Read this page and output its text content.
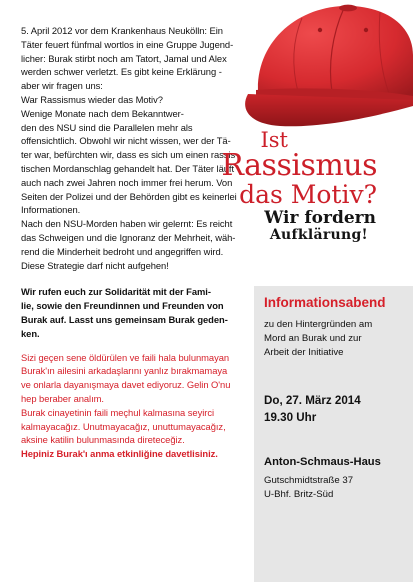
5. April 2012 vor dem Krankenhaus Neukölln: Ein

Täter feuert fünfmal wortlos in eine Gruppe Jugend-

licher: Burak stirbt noch am Tatort, Jamal und Alex

werden schwer verletzt. Es gibt keine Erklärung -

aber wir fragen uns:

War Rassismus wieder das Motiv?

Wenige Monate nach dem Bekanntwer-

den des NSU sind die Parallelen mehr als

offensichtlich. Obwohl wir nicht wissen, wer der Tä-

ter war, befürchten wir, dass es sich um einen rassis-

tischen Mordanschlag gehandelt hat. Der Täter läuft

auch nach zwei Jahren noch immer frei herum. Von

Seiten der Polizei und der Behörden gibt es keinerlei

Informationen.

Nach den NSU-Morden haben wir gelernt: Es reicht

das Schweigen und die Ignoranz der Mehrheit, wäh-

rend die Minderheit bedroht und angegriffen wird.

Diese Strategie darf nicht aufgehen!

Wir rufen euch zur Solidarität mit der Fami-

lie, sowie den Freundinnen und Freunden von

Burak auf. Lasst uns gemeinsam Burak geden-

ken.

Sizi geçen sene öldürülen ve faili hala bulunmayan

Burak'ın ailesini arkadaşlarını yanlız bırakmamaya

ve onlarla dayanışmaya davet ediyoruz. Gelin O'nu

hep beraber analım.

Burak cinayetinin faili meçhul kalmasına seyirci

kalmayacağız. Unutmayacağız, unuttumayacağız,

aksine katilin bulunmasında direteceğiz.

Hepiniz Burak'ı anma etkinliğine davetlisiniz.

Ist
Rassismus
das Motiv?
Wir fordern
Aufklärung!
Informationsabend
zu den Hintergründen am
Mord an Burak und zur
Arbeit der Initiative
Do, 27. März 2014
19.30 Uhr
Anton-Schmaus-Haus
Gutschmidtstraße 37
U-Bhf. Britz-Süd
